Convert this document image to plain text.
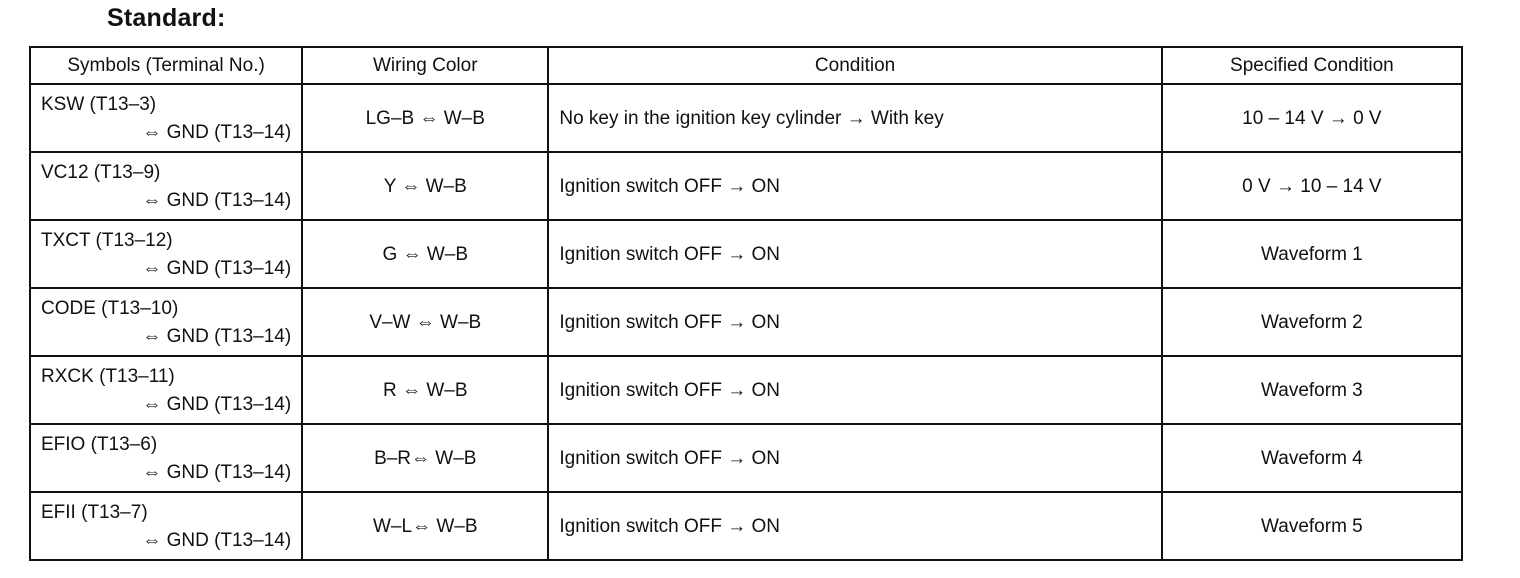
Standard:
Symbols (Terminal No.)	Wiring Color	Condition	Specified Condition

KSW (T13–3)
⇔ GND (T13–14)	LG–B ⇔ W–B	No key in the ignition key cylinder → With key	10 – 14 V → 0 V

VC12 (T13–9)
⇔ GND (T13–14)	Y ⇔ W–B	Ignition switch OFF → ON	0 V → 10 – 14 V

TXCT (T13–12)
⇔ GND (T13–14)	G ⇔ W–B	Ignition switch OFF → ON	Waveform 1

CODE (T13–10)
⇔ GND (T13–14)	V–W ⇔ W–B	Ignition switch OFF → ON	Waveform 2

RXCK (T13–11)
⇔ GND (T13–14)	R ⇔ W–B	Ignition switch OFF → ON	Waveform 3

EFIO (T13–6)
⇔ GND (T13–14)	B–R⇔ W–B	Ignition switch OFF → ON	Waveform 4

EFII (T13–7)
⇔ GND (T13–14)	W–L⇔ W–B	Ignition switch OFF → ON	Waveform 5
